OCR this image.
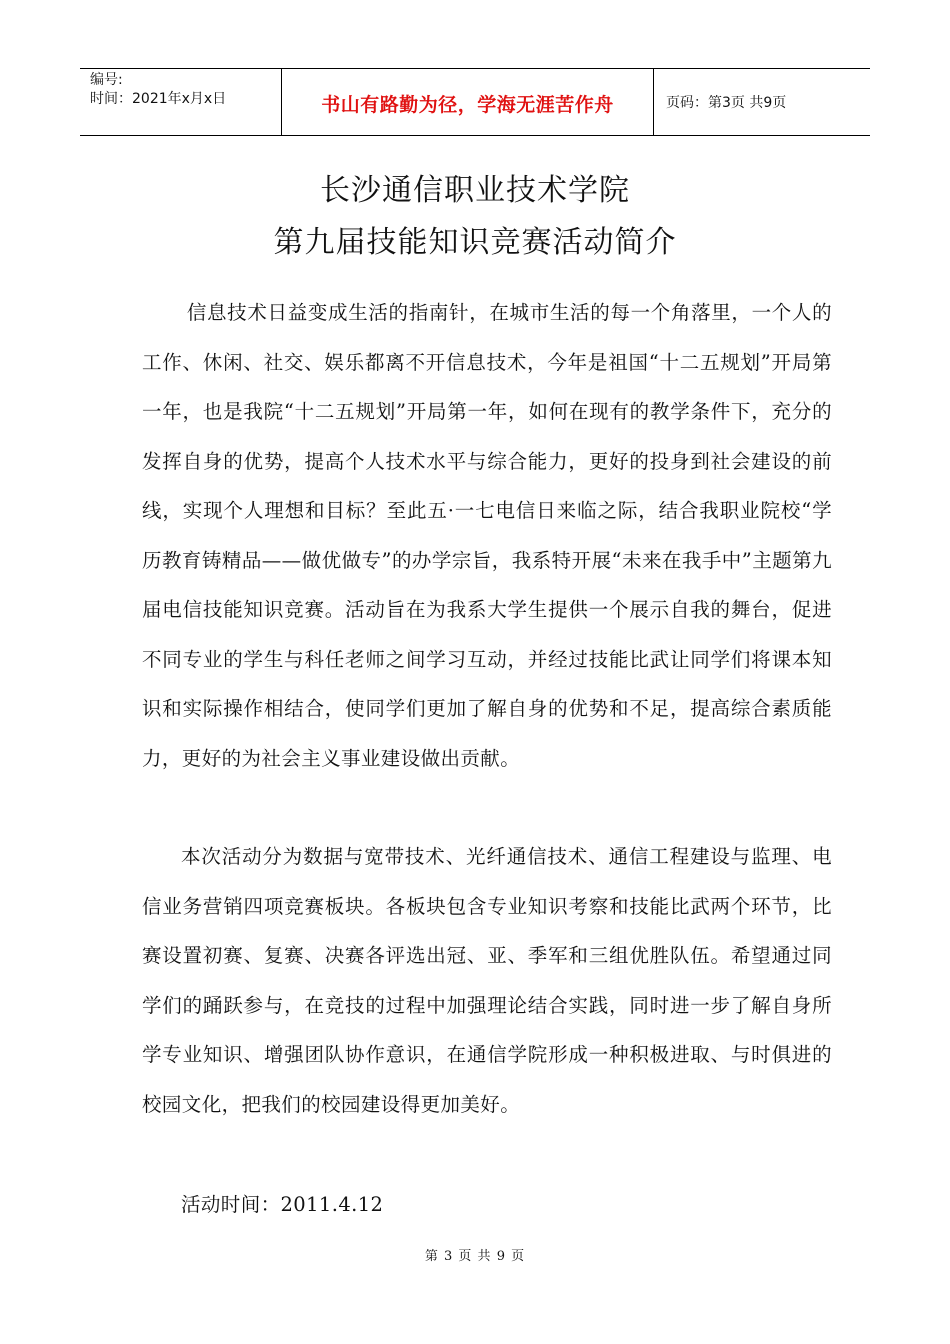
编号:
时间：2021年x月x日	书山有路勤为径，学海无涯苦作舟	页码：第3页 共9页
长沙通信职业技术学院
第九届技能知识竞赛活动简介
信息技术日益变成生活的指南针，在城市生活的每一个角落里，一个人的工作、休闲、社交、娱乐都离不开信息技术，今年是祖国“十二五规划”开局第一年，也是我院“十二五规划”开局第一年，如何在现有的教学条件下，充分的发挥自身的优势，提高个人技术水平与综合能力，更好的投身到社会建设的前线，实现个人理想和目标？至此五·一七电信日来临之际，结合我职业院校“学历教育铸精品——做优做专”的办学宗旨，我系特开展“未来在我手中”主题第九届电信技能知识竞赛。活动旨在为我系大学生提供一个展示自我的舞台，促进不同专业的学生与科任老师之间学习互动，并经过技能比武让同学们将课本知识和实际操作相结合，使同学们更加了解自身的优势和不足，提高综合素质能力，更好的为社会主义事业建设做出贡献。
本次活动分为数据与宽带技术、光纤通信技术、通信工程建设与监理、电信业务营销四项竞赛板块。各板块包含专业知识考察和技能比武两个环节，比赛设置初赛、复赛、决赛各评选出冠、亚、季军和三组优胜队伍。希望通过同学们的踊跃参与，在竞技的过程中加强理论结合实践，同时进一步了解自身所学专业知识、增强团队协作意识，在通信学院形成一种积极进取、与时俱进的校园文化，把我们的校园建设得更加美好。
活动时间：2011.4.12
第 3 页 共 9 页
